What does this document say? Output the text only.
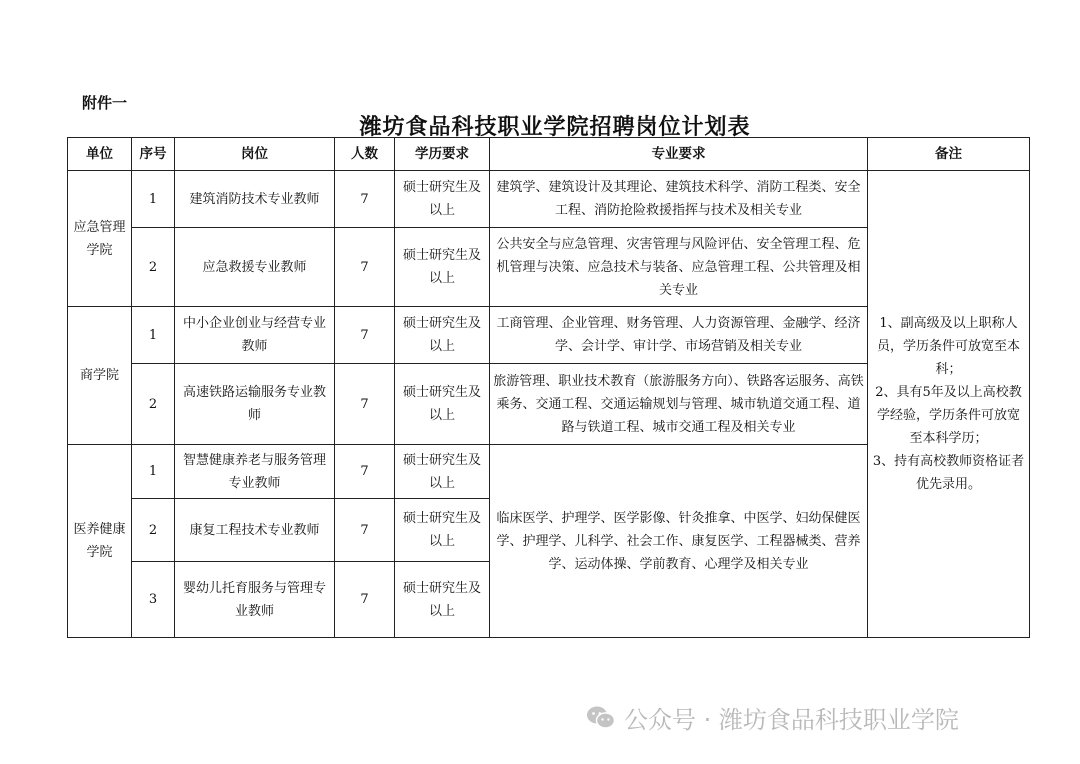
附件一
潍坊食品科技职业学院招聘岗位计划表
单位	序号	岗位	人数	学历要求	专业要求	备注
应急管理学院	1	建筑消防技术专业教师	7	硕士研究生及以上	建筑学、建筑设计及其理论、建筑技术科学、消防工程类、安全工程、消防抢险救援指挥与技术及相关专业	1、副高级及以上职称人员，学历条件可放宽至本科；

2、具有5年及以上高校教学经验，学历条件可放宽至本科学历；

3、持有高校教师资格证者优先录用。

	2	应急救援专业教师	7	硕士研究生及以上	公共安全与应急管理、灾害管理与风险评估、安全管理工程、危机管理与决策、应急技术与装备、应急管理工程、公共管理及相关专业	
商学院	1	中小企业创业与经营专业教师	7	硕士研究生及以上	工商管理、企业管理、财务管理、人力资源管理、金融学、经济学、会计学、审计学、市场营销及相关专业	
	2	高速铁路运输服务专业教师	7	硕士研究生及以上	旅游管理、职业技术教育（旅游服务方向）、铁路客运服务、高铁乘务、交通工程、交通运输规划与管理、城市轨道交通工程、道路与铁道工程、城市交通工程及相关专业	
医养健康学院	1	智慧健康养老与服务管理专业教师	7	硕士研究生及以上	临床医学、护理学、医学影像、针灸推拿、中医学、妇幼保健医学、护理学、儿科学、社会工作、康复医学、工程器械类、营养学、运动体操、学前教育、心理学及相关专业	
	2	康复工程技术专业教师	7	硕士研究生及以上		
	3	婴幼儿托育服务与管理专业教师	7	硕士研究生及以上		
公众号 · 潍坊食品科技职业学院
